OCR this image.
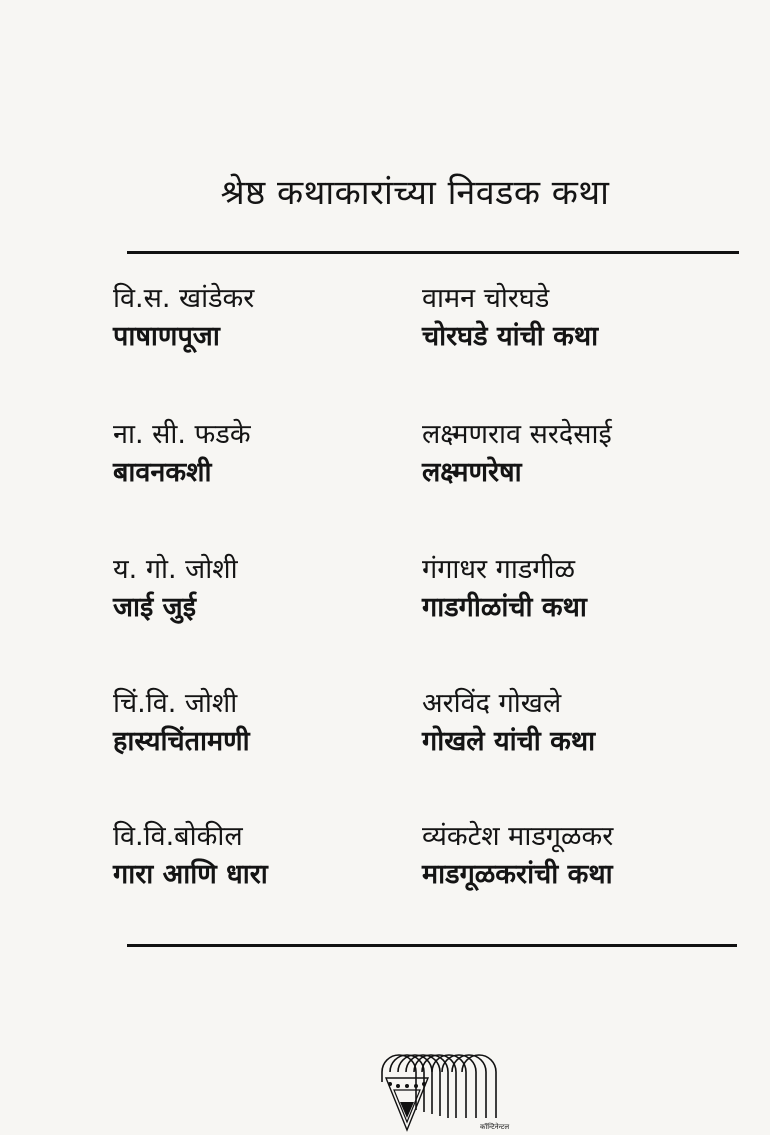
श्रेष्ठ कथाकारांच्या निवडक कथा
वि.स. खांडेकर
पाषाणपूजा
ना. सी. फडके
बावनकशी
य. गो. जोशी
जाई जुई
चिं.वि. जोशी
हास्यचिंतामणी
वि.वि.बोकील
गारा आणि धारा
वामन चोरघडे
चोरघडे यांची कथा
लक्ष्मणराव सरदेसाई
लक्ष्मणरेषा
गंगाधर गाडगीळ
गाडगीळांची कथा
अरविंद गोखले
गोखले यांची कथा
व्यंकटेश माडगूळकर
माडगूळकरांची कथा
कॉन्टिनेन्टल
